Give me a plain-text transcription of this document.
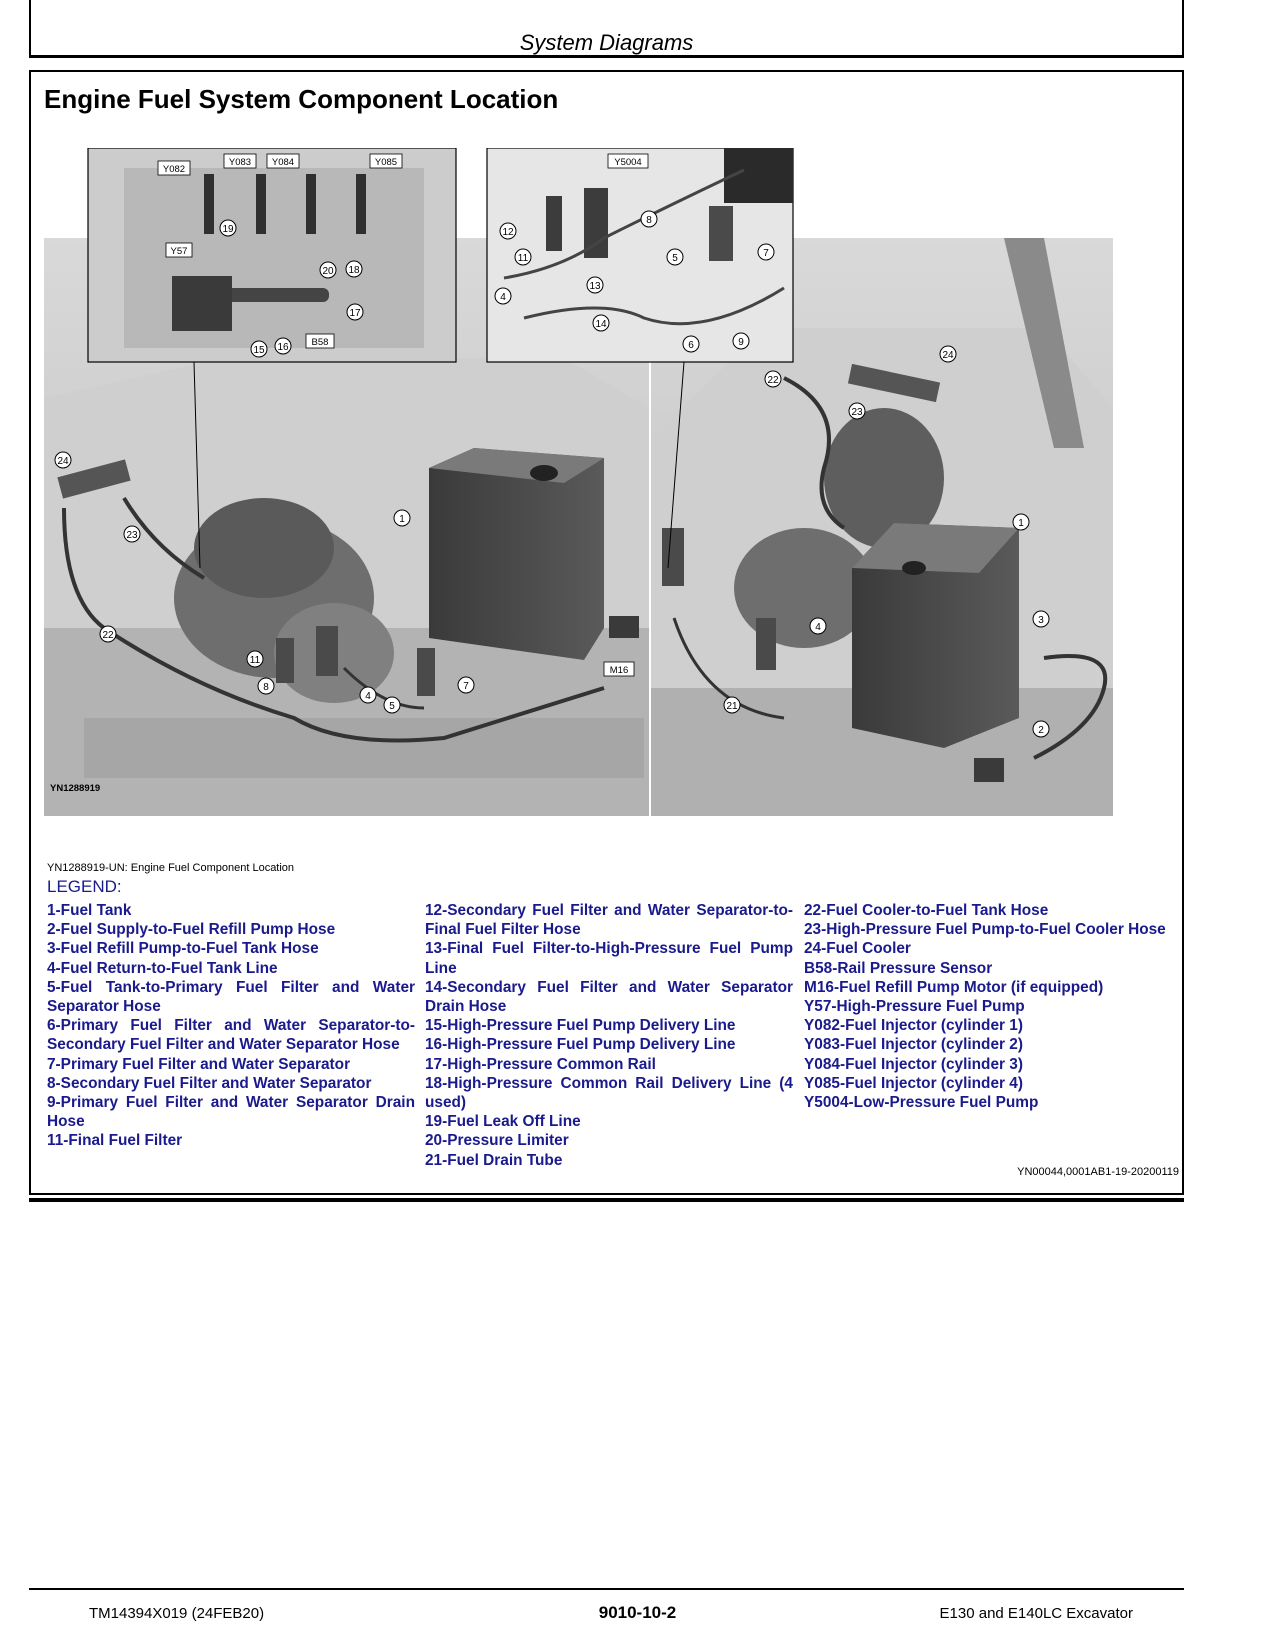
System Diagrams
Engine Fuel System Component Location
19
20 18
17
15 16
12
11
4
13
8
5	7
14
6	9
24
23
22
1
11
8
4
5
7
24
22
23
1
4
3
21
2
Y082
Y083 Y084	Y085
Y57
B58
Y5004
M16
YN1288919
YN1288919-UN: Engine Fuel Component Location
LEGEND:
1-Fuel Tank
2-Fuel Supply-to-Fuel Refill Pump Hose
3-Fuel Refill Pump-to-Fuel Tank Hose
4-Fuel Return-to-Fuel Tank Line
5-Fuel Tank-to-Primary Fuel Filter and Water Separator Hose
6-Primary Fuel Filter and Water Separator-to-Secondary Fuel Filter and Water Separator Hose
7-Primary Fuel Filter and Water Separator
8-Secondary Fuel Filter and Water Separator
9-Primary Fuel Filter and Water Separator Drain Hose
11-Final Fuel Filter
12-Secondary Fuel Filter and Water Separator-to-Final Fuel Filter Hose
13-Final Fuel Filter-to-High-Pressure Fuel Pump Line
14-Secondary Fuel Filter and Water Separator Drain Hose
15-High-Pressure Fuel Pump Delivery Line
16-High-Pressure Fuel Pump Delivery Line
17-High-Pressure Common Rail
18-High-Pressure Common Rail Delivery Line (4 used)
19-Fuel Leak Off Line
20-Pressure Limiter
21-Fuel Drain Tube
22-Fuel Cooler-to-Fuel Tank Hose
23-High-Pressure Fuel Pump-to-Fuel Cooler Hose
24-Fuel Cooler
B58-Rail Pressure Sensor
M16-Fuel Refill Pump Motor (if equipped)
Y57-High-Pressure Fuel Pump
Y082-Fuel Injector (cylinder 1)
Y083-Fuel Injector (cylinder 2)
Y084-Fuel Injector (cylinder 3)
Y085-Fuel Injector (cylinder 4)
Y5004-Low-Pressure Fuel Pump
YN00044,0001AB1-19-20200119
TM14394X019 (24FEB20)	9010-10-2	E130 and E140LC Excavator
